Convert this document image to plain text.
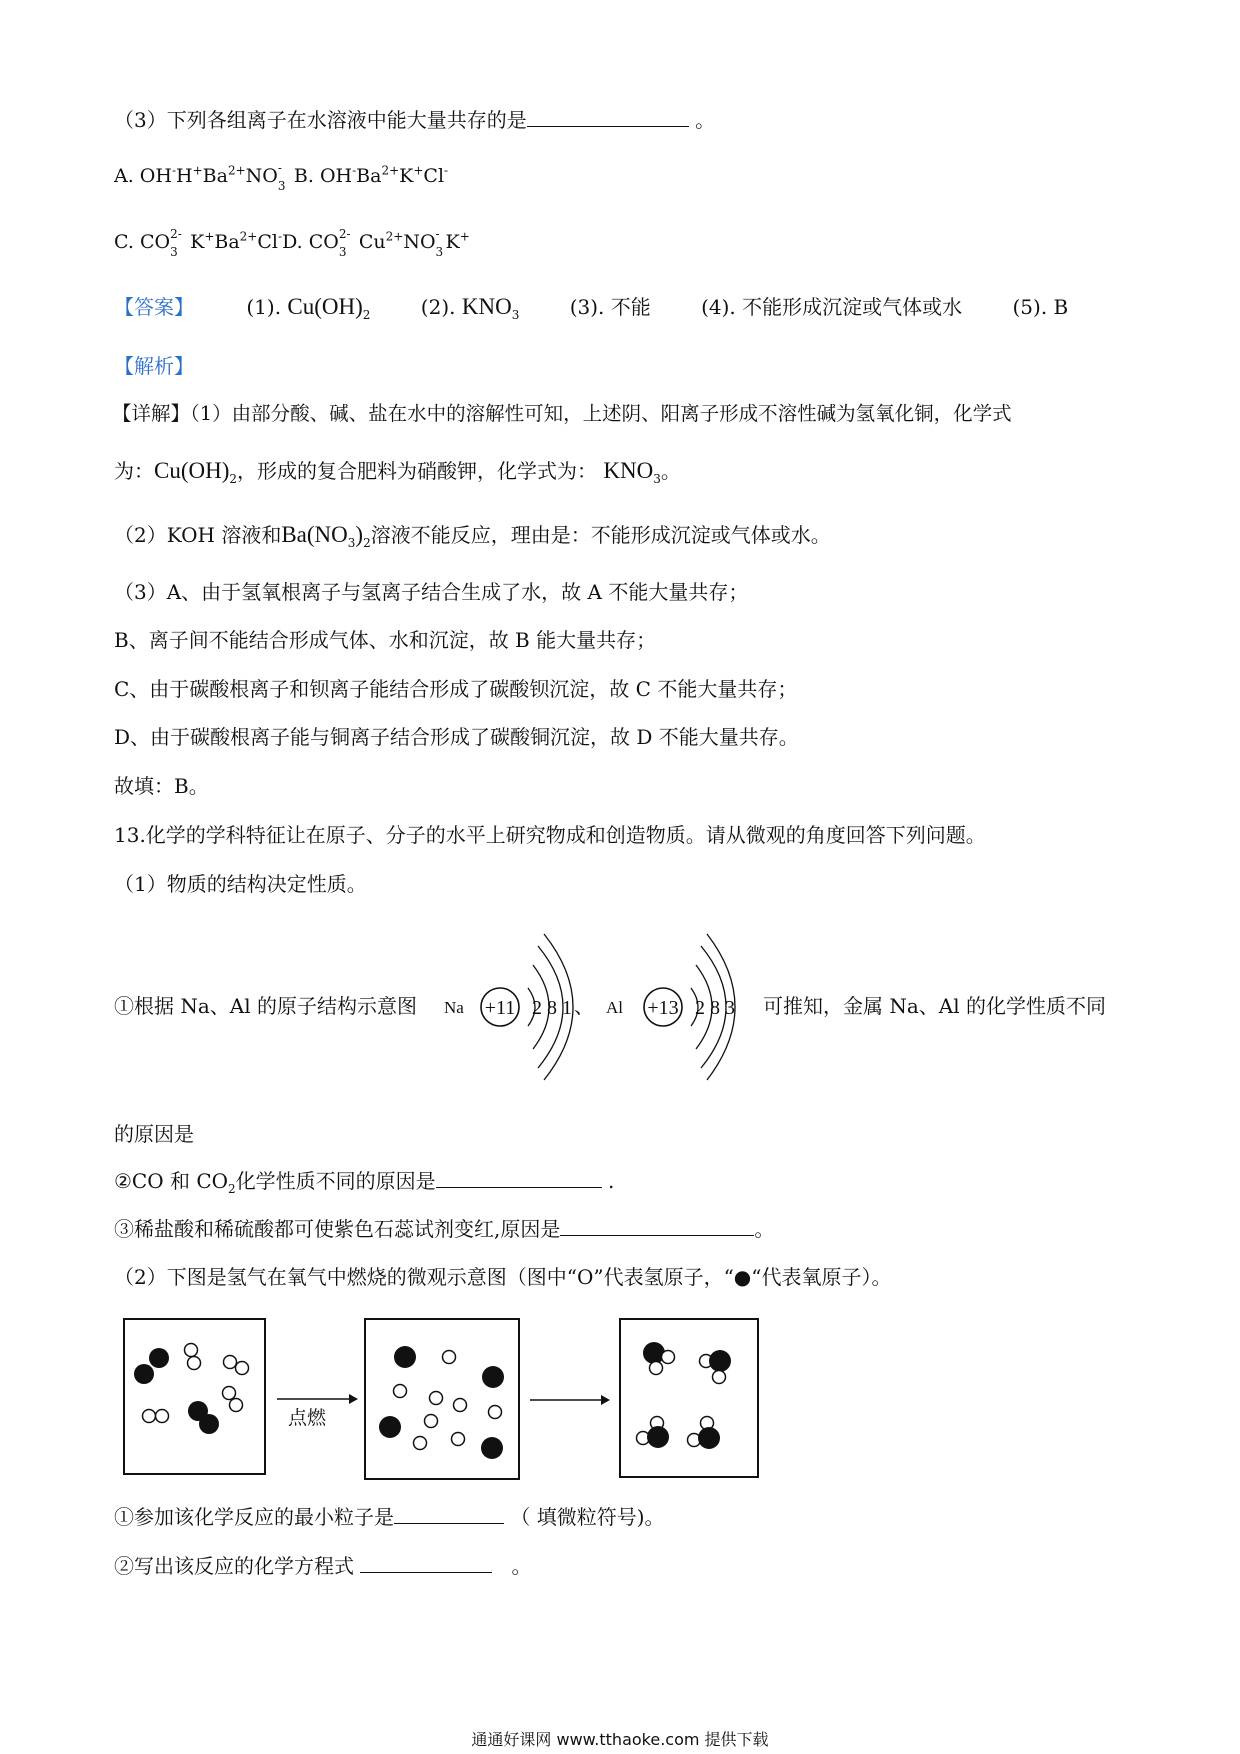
（3）下列各组离子在水溶液中能大量共存的是	。
A. $OH^-H^+Ba^{2+}NO$ -
3 B. $OH^-Ba^{2+}K^+Cl^-$
C. CO 2-
3 $K^+Ba^{2+}Cl^-D$. CO 2-
3 $Cu^{2+}NO$ -
3 K+
【答案】	(1). $Cu(OH)_2$	(2). $KNO_3$	(3). 不能	(4). 不能形成沉淀或气体或水	(5). B
【解析】
【详解】（1）由部分酸、碱、盐在水中的溶解性可知，上述阴、阳离子形成不溶性碱为氢氧化铜，化学式
为：$Cu(OH)_2$，形成的复合肥料为硝酸钾，化学式为： $KNO_3$。
（2）KOH 溶液和$Ba(NO_3)_2$溶液不能反应，理由是：不能形成沉淀或气体或水。
（3）A、由于氢氧根离子与氢离子结合生成了水，故 A 不能大量共存；
B、离子间不能结合形成气体、水和沉淀，故 B 能大量共存；
C、由于碳酸根离子和钡离子能结合形成了碳酸钡沉淀，故 C 不能大量共存；
D、由于碳酸根离子能与铜离子结合形成了碳酸铜沉淀，故 D 不能大量共存。
故填：B。
13.化学的学科特征让在原子、分子的水平上研究物成和创造物质。请从微观的角度回答下列问题。
（1）物质的结构决定性质。
①根据 Na、Al 的原子结构示意图 Na +11 2 8 1 、 Al +13 2 8 3 可推知，金属 Na、Al 的化学性质不同
的原因是
②CO 和 $CO_2$化学性质不同的原因是	.
③稀盐酸和稀硫酸都可使紫色石蕊试剂变红,原因是	。
（2）下图是氢气在氧气中燃烧的微观示意图（图中“O”代表氢原子，“●“代表氧原子）。
点燃
①参加该化学反应的最小粒子是	（ 填微粒符号)。
②写出该反应的化学方程式	。
通通好课网 www.tthaoke.com 提供下载
